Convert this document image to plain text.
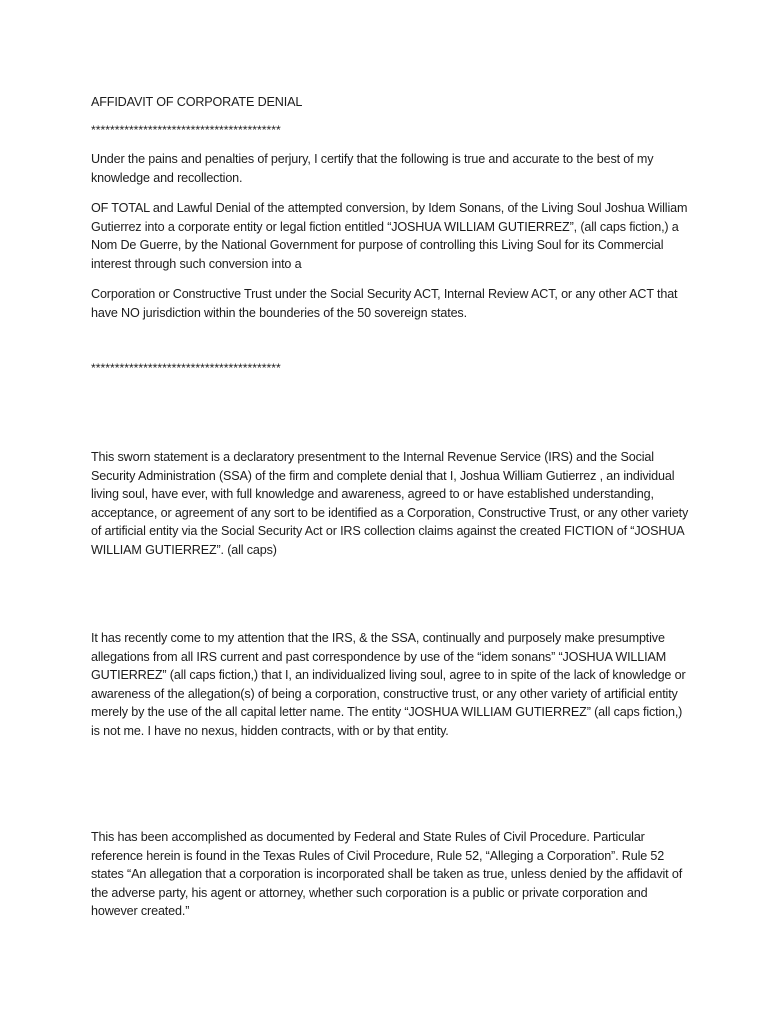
AFFIDAVIT OF CORPORATE DENIAL
****************************************

Under the pains and penalties of perjury, I certify that the following is true and accurate to the best of my knowledge and recollection.

OF TOTAL and Lawful Denial of the attempted conversion, by Idem Sonans, of the Living Soul Joshua William Gutierrez into a corporate entity or legal fiction entitled “JOSHUA WILLIAM GUTIERREZ”, (all caps fiction,) a Nom De Guerre, by the National Government for purpose of controlling this Living Soul for its Commercial interest through such conversion into a

Corporation or Constructive Trust under the Social Security ACT, Internal Review ACT, or any other ACT that have NO jurisdiction within the bounderies of the 50 sovereign states.

****************************************

This sworn statement is a declaratory presentment to the Internal Revenue Service (IRS) and the Social Security Administration (SSA) of the firm and complete denial that I, Joshua William Gutierrez , an individual living soul, have ever, with full knowledge and awareness, agreed to or have established understanding, acceptance, or agreement of any sort to be identified as a Corporation, Constructive Trust, or any other variety of artificial entity via the Social Security Act or IRS collection claims against the created FICTION of “JOSHUA WILLIAM GUTIERREZ”. (all caps)

It has recently come to my attention that the IRS, & the SSA, continually and purposely make presumptive allegations from all IRS current and past correspondence by use of the “idem sonans” “JOSHUA WILLIAM GUTIERREZ” (all caps fiction,) that I, an individualized living soul, agree to in spite of the lack of knowledge or awareness of the allegation(s) of being a corporation, constructive trust, or any other variety of artificial entity merely by the use of the all capital letter name. The entity “JOSHUA WILLIAM GUTIERREZ” (all caps fiction,) is not me. I have no nexus, hidden contracts, with or by that entity.

This has been accomplished as documented by Federal and State Rules of Civil Procedure. Particular reference herein is found in the Texas Rules of Civil Procedure, Rule 52, “Alleging a Corporation”. Rule 52 states “An allegation that a corporation is incorporated shall be taken as true, unless denied by the affidavit of the adverse party, his agent or attorney, whether such corporation is a public or private corporation and however created.”
